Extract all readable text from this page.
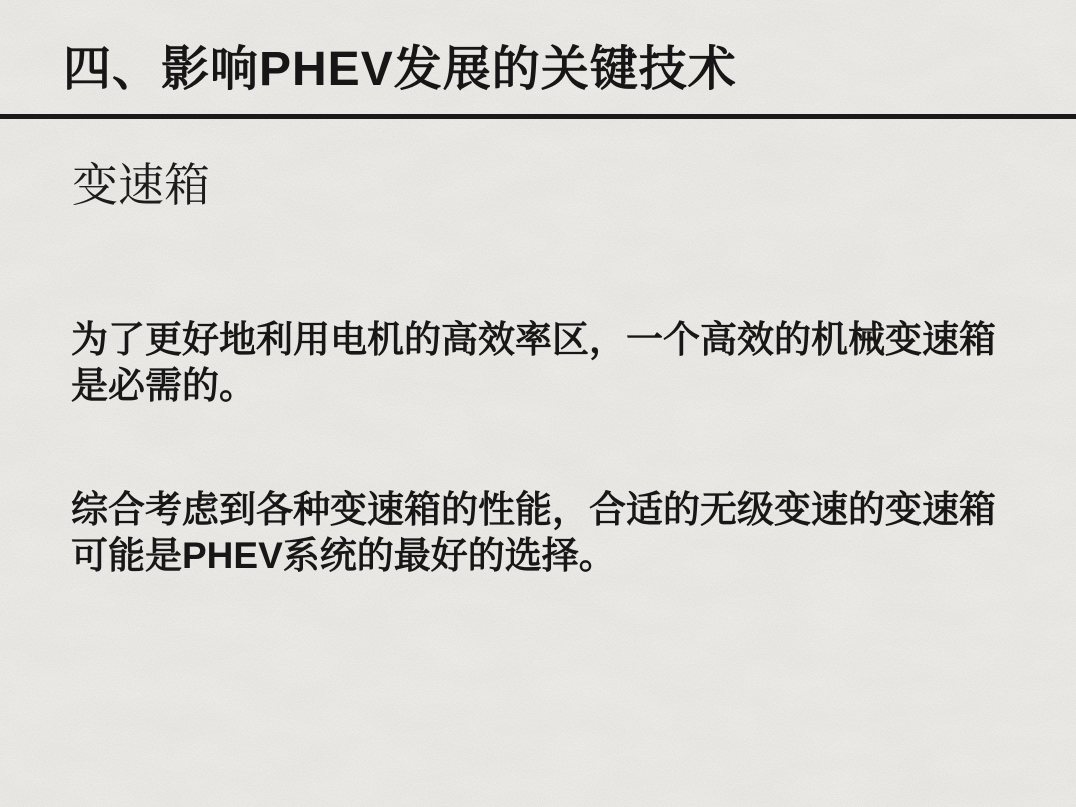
四、影响PHEV发展的关键技术
变速箱

为了更好地利用电机的高效率区，一个高效的机械变速箱
是必需的。

综合考虑到各种变速箱的性能，合适的无级变速的变速箱
可能是PHEV系统的最好的选择。
